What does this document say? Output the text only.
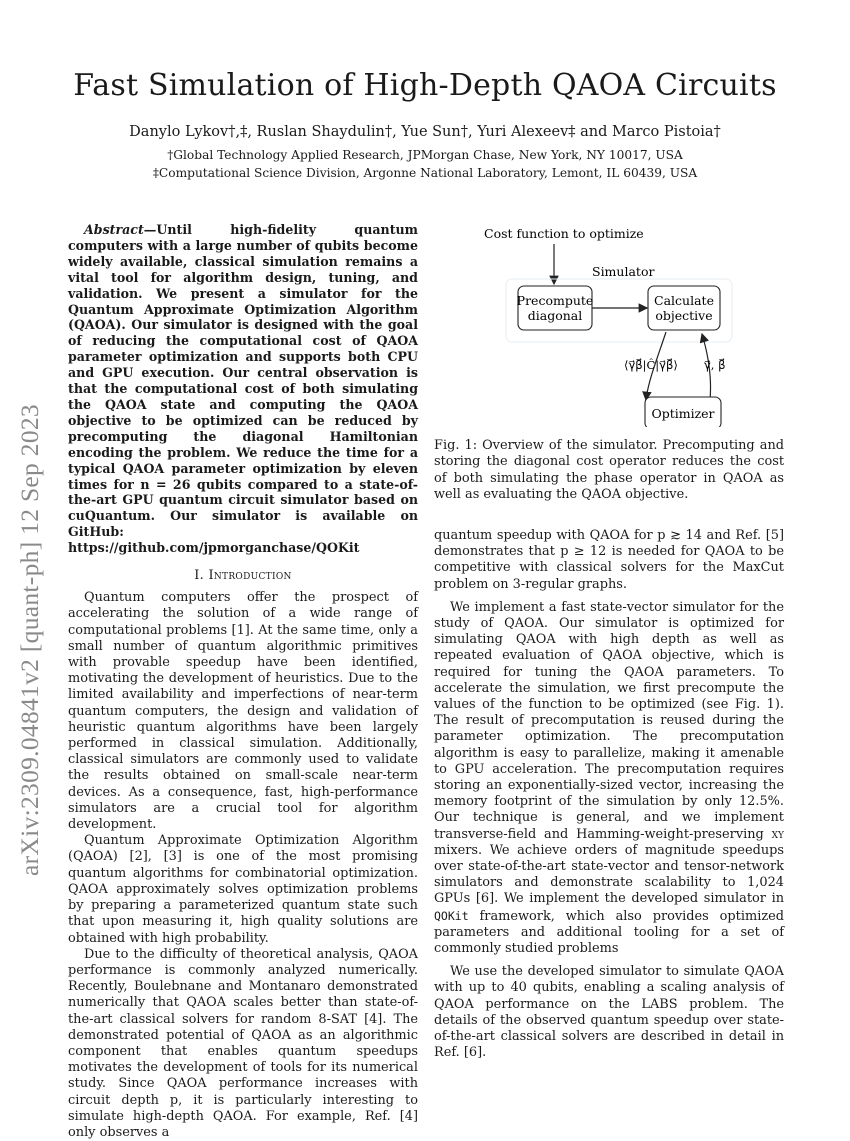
arXiv:2309.04841v2 [quant-ph] 12 Sep 2023
Fast Simulation of High-Depth QAOA Circuits
Danylo Lykov†,‡, Ruslan Shaydulin†, Yue Sun†, Yuri Alexeev‡ and Marco Pistoia†
†Global Technology Applied Research, JPMorgan Chase, New York, NY 10017, USA
‡Computational Science Division, Argonne National Laboratory, Lemont, IL 60439, USA

Abstract—Until high-fidelity quantum computers with a large number of qubits become widely available, classical simulation remains a vital tool for algorithm design, tuning, and validation. We present a simulator for the Quantum Approximate Optimization Algorithm (QAOA). Our simulator is designed with the goal of reducing the computational cost of QAOA parameter optimization and supports both CPU and GPU execution. Our central observation is that the computational cost of both simulating the QAOA state and computing the QAOA objective to be optimized can be reduced by precomputing the diagonal Hamiltonian encoding the problem. We reduce the time for a typical QAOA parameter optimization by eleven times for n = 26 qubits compared to a state-of-the-art GPU quantum circuit simulator based on cuQuantum. Our simulator is available on GitHub: https://github.com/jpmorganchase/QOKit

I. Introduction

Quantum computers offer the prospect of accelerating the solution of a wide range of computational problems [1]. At the same time, only a small number of quantum algorithmic primitives with provable speedup have been identified, motivating the development of heuristics. Due to the limited availability and imperfections of near-term quantum computers, the design and validation of heuristic quantum algorithms have been largely performed in classical simulation. Additionally, classical simulators are commonly used to validate the results obtained on small-scale near-term devices. As a consequence, fast, high-performance simulators are a crucial tool for algorithm development.

Quantum Approximate Optimization Algorithm (QAOA) [2], [3] is one of the most promising quantum algorithms for combinatorial optimization. QAOA approximately solves optimization problems by preparing a parameterized quantum state such that upon measuring it, high quality solutions are obtained with high probability.

Due to the difficulty of theoretical analysis, QAOA performance is commonly analyzed numerically. Recently, Boulebnane and Montanaro demonstrated numerically that QAOA scales better than state-of-the-art classical solvers for random 8-SAT [4]. The demonstrated potential of QAOA as an algorithmic component that enables quantum speedups motivates the development of tools for its numerical study. Since QAOA performance increases with circuit depth p, it is particularly interesting to simulate high-depth QAOA. For example, Ref. [4] only observes a

Cost function to optimize
Simulator
Precompute
diagonal
Calculate
objective
⟨γ⃗β⃗|Ĉ|γ⃗β⃗⟩ γ⃗, β⃗
Optimizer
Fig. 1: Overview of the simulator. Precomputing and storing the diagonal cost operator reduces the cost of both simulating the phase operator in QAOA as well as evaluating the QAOA objective.

quantum speedup with QAOA for p ≳ 14 and Ref. [5] demonstrates that p ≥ 12 is needed for QAOA to be competitive with classical solvers for the MaxCut problem on 3-regular graphs.

We implement a fast state-vector simulator for the study of QAOA. Our simulator is optimized for simulating QAOA with high depth as well as repeated evaluation of QAOA objective, which is required for tuning the QAOA parameters. To accelerate the simulation, we first precompute the values of the function to be optimized (see Fig. 1). The result of precomputation is reused during the parameter optimization. The precomputation algorithm is easy to parallelize, making it amenable to GPU acceleration. The precomputation requires storing an exponentially-sized vector, increasing the memory footprint of the simulation by only 12.5%. Our technique is general, and we implement transverse-field and Hamming-weight-preserving xy mixers. We achieve orders of magnitude speedups over state-of-the-art state-vector and tensor-network simulators and demonstrate scalability to 1,024 GPUs [6]. We implement the developed simulator in QOKit framework, which also provides optimized parameters and additional tooling for a set of commonly studied problems

We use the developed simulator to simulate QAOA with up to 40 qubits, enabling a scaling analysis of QAOA performance on the LABS problem. The details of the observed quantum speedup over state-of-the-art classical solvers are described in detail in Ref. [6].
